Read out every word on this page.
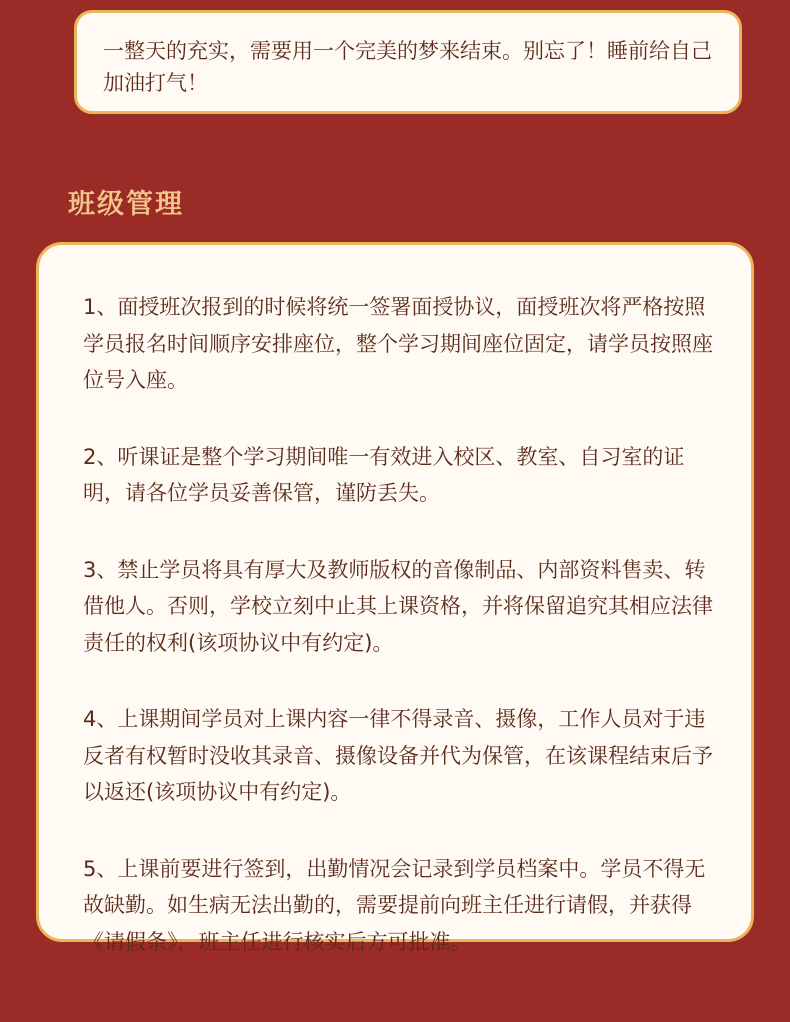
一整天的充实，需要用一个完美的梦来结束。别忘了！睡前给自己加油打气！
班级管理
1、面授班次报到的时候将统一签署面授协议，面授班次将严格按照学员报名时间顺序安排座位，整个学习期间座位固定，请学员按照座位号入座。
2、听课证是整个学习期间唯一有效进入校区、教室、自习室的证明，请各位学员妥善保管，谨防丢失。
3、禁止学员将具有厚大及教师版权的音像制品、内部资料售卖、转借他人。否则，学校立刻中止其上课资格，并将保留追究其相应法律责任的权利(该项协议中有约定)。
4、上课期间学员对上课内容一律不得录音、摄像，工作人员对于违反者有权暂时没收其录音、摄像设备并代为保管，在该课程结束后予以返还(该项协议中有约定)。
5、上课前要进行签到，出勤情况会记录到学员档案中。学员不得无故缺勤。如生病无法出勤的，需要提前向班主任进行请假，并获得《请假条》，班主任进行核实后方可批准。
